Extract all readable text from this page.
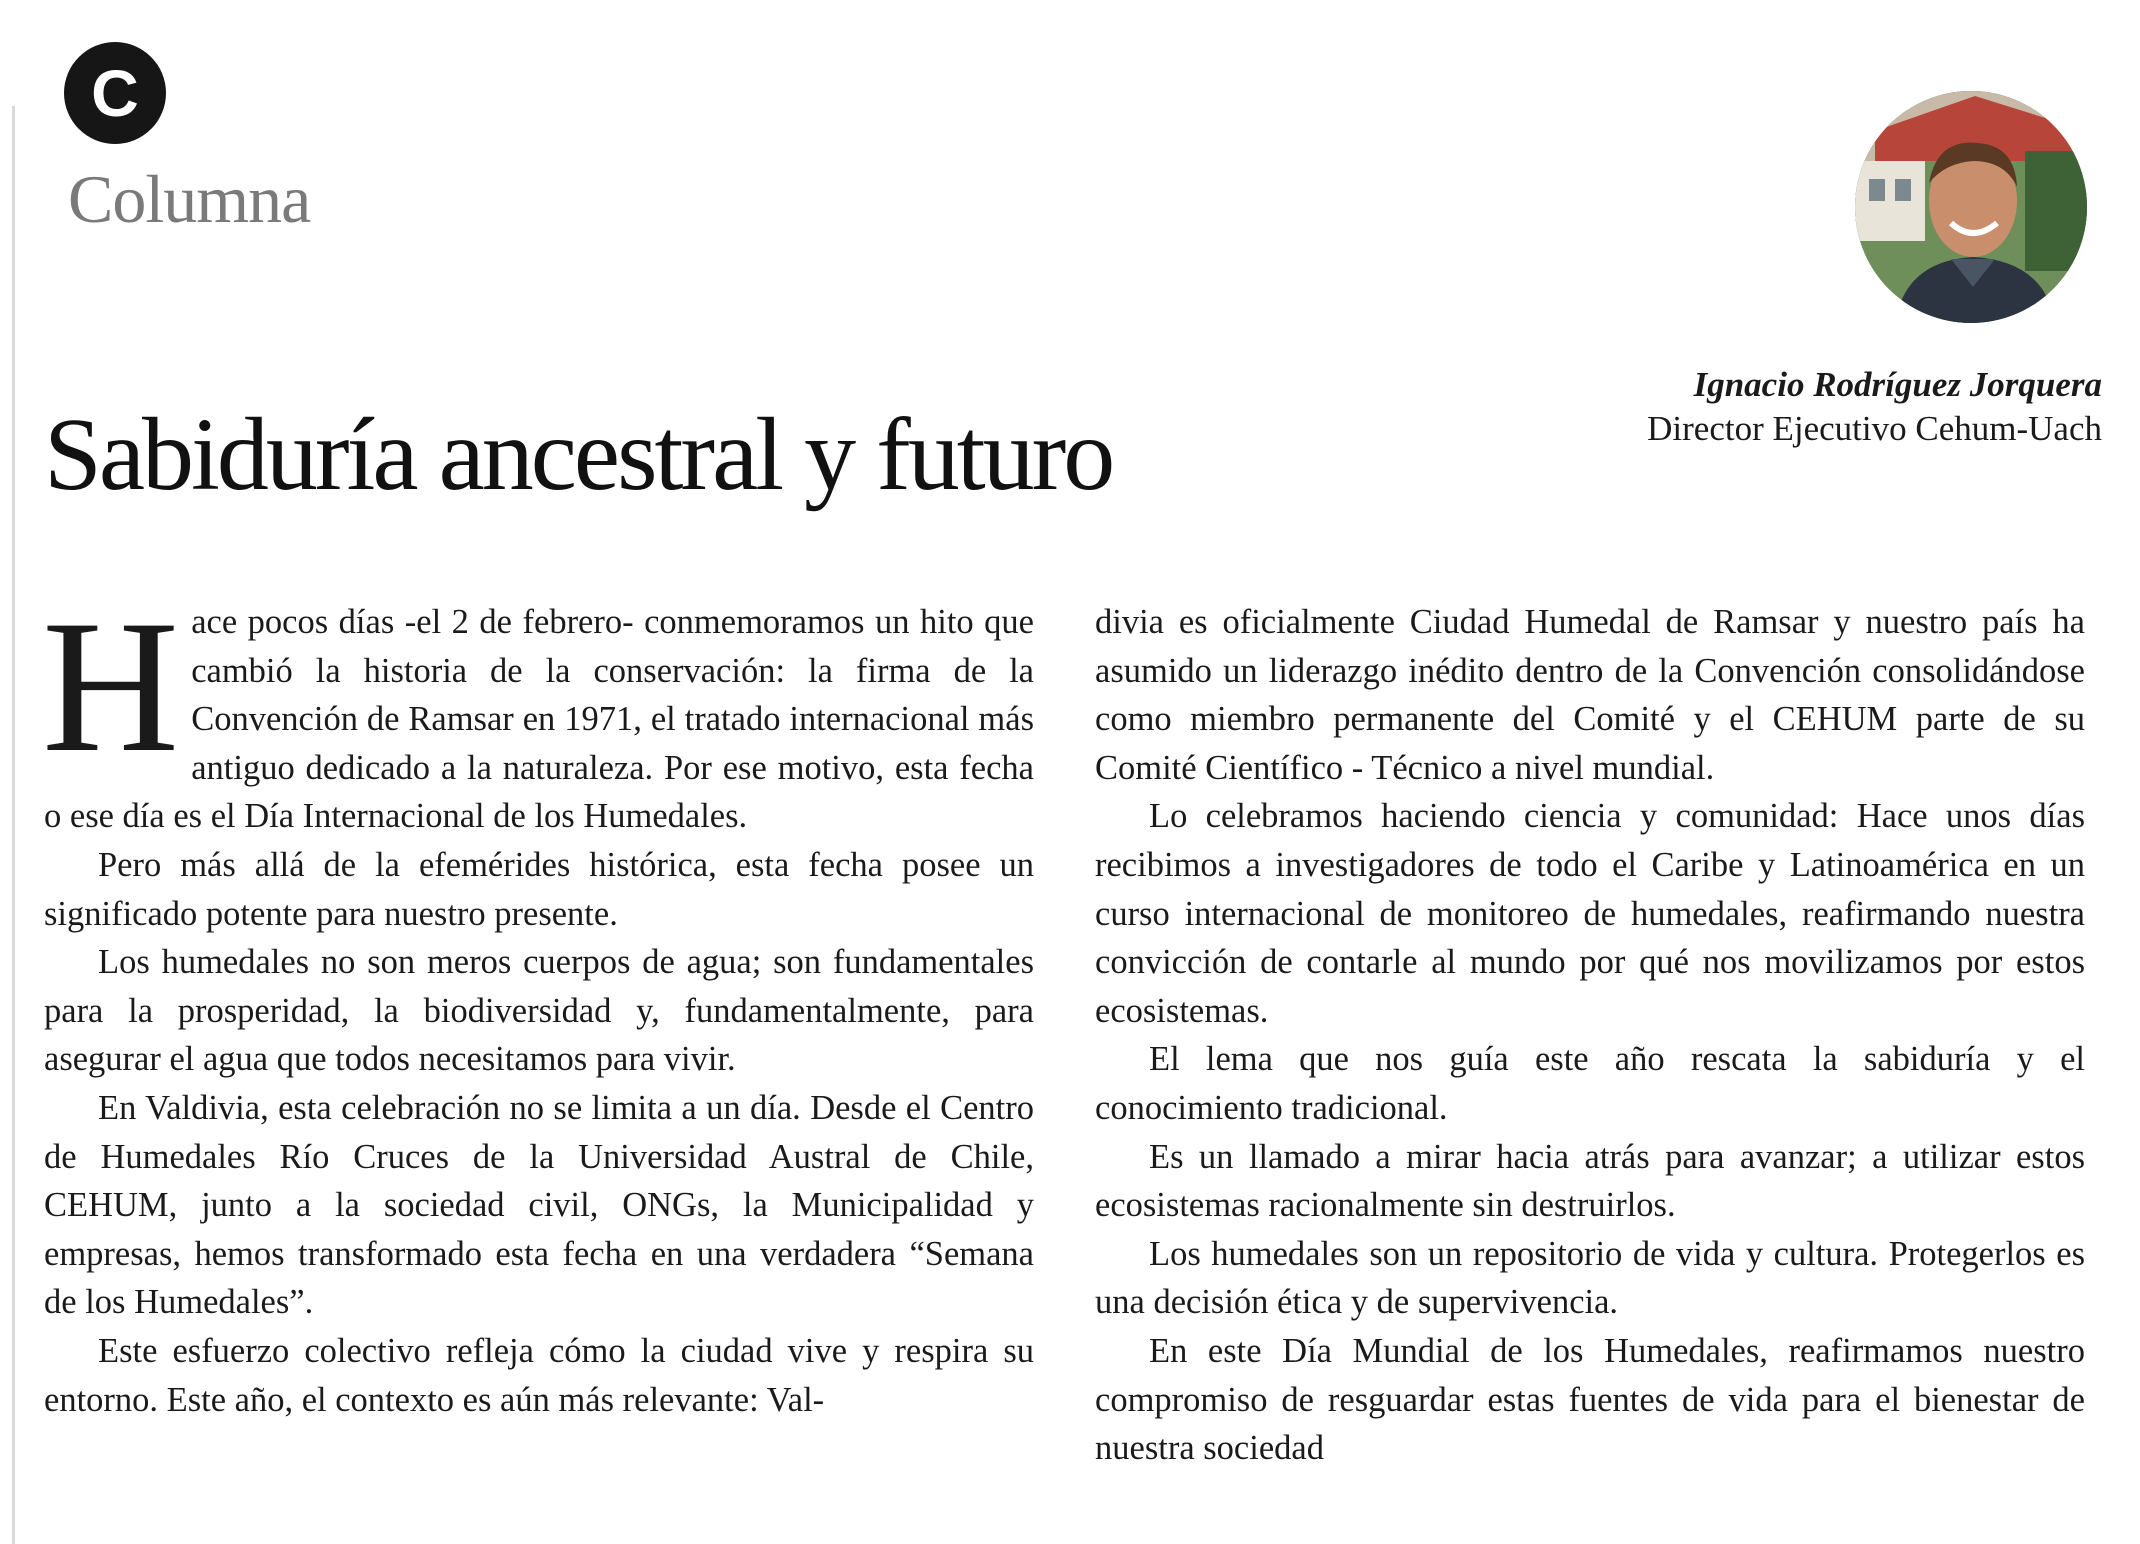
C
Columna
Ignacio Rodríguez Jorquera
Director Ejecutivo Cehum-Uach
Sabiduría ancestral y futuro

Hace pocos días -el 2 de febrero- conmemoramos un hito que cambió la historia de la conservación: la firma de la Convención de Ramsar en 1971, el tratado internacional más antiguo dedicado a la naturaleza. Por ese motivo, esta fecha o ese día es el Día Internacional de los Humedales.

Pero más allá de la efemérides histórica, esta fecha posee un significado potente para nuestro presente.

Los humedales no son meros cuerpos de agua; son fundamentales para la prosperidad, la biodiversidad y, fundamentalmente, para asegurar el agua que todos necesitamos para vivir.

En Valdivia, esta celebración no se limita a un día. Desde el Centro de Humedales Río Cruces de la Universidad Austral de Chile, CEHUM, junto a la sociedad civil, ONGs, la Municipalidad y empresas, hemos transformado esta fecha en una verdadera “Semana de los Humedales”.

Este esfuerzo colectivo refleja cómo la ciudad vive y respira su entorno. Este año, el contexto es aún más relevante: Val-

divia es oficialmente Ciudad Humedal de Ramsar y nuestro país ha asumido un liderazgo inédito dentro de la Convención consolidándose como miembro permanente del Comité y el CEHUM parte de su Comité Científico - Técnico a nivel mundial.

Lo celebramos haciendo ciencia y comunidad: Hace unos días recibimos a investigadores de todo el Caribe y Latinoamérica en un curso internacional de monitoreo de humedales, reafirmando nuestra convicción de contarle al mundo por qué nos movilizamos por estos ecosistemas.

El lema que nos guía este año rescata la sabiduría y el conocimiento tradicional.

Es un llamado a mirar hacia atrás para avanzar; a utilizar estos ecosistemas racionalmente sin destruirlos.

Los humedales son un repositorio de vida y cultura. Protegerlos es una decisión ética y de supervivencia.

En este Día Mundial de los Humedales, reafirmamos nuestro compromiso de resguardar estas fuentes de vida para el bienestar de nuestra sociedad
